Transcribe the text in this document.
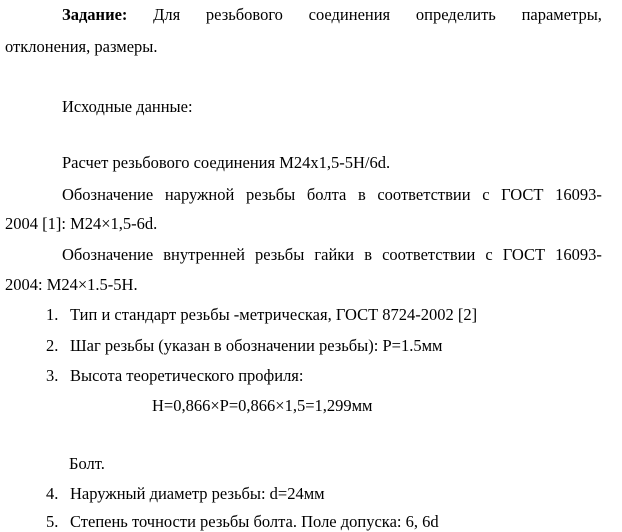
Задание: Для резьбового соединения определить параметры,
отклонения, размеры.
Исходные данные:
Расчет резьбового соединения М24х1,5-5Н/6d.
Обозначение наружной резьбы болта в соответствии с ГОСТ 16093-
2004 [1]: М24×1,5-6d.
Обозначение внутренней резьбы гайки в соответствии с ГОСТ 16093-
2004: М24×1.5-5Н.
1. Тип и стандарт резьбы -метрическая, ГОСТ 8724-2002 [2]
2. Шаг резьбы (указан в обозначении резьбы): P=1.5мм
3. Высота теоретического профиля:
H=0,866×P=0,866×1,5=1,299мм
Болт.
4. Наружный диаметр резьбы: d=24мм
5. Степень точности резьбы болта. Поле допуска: 6, 6d
